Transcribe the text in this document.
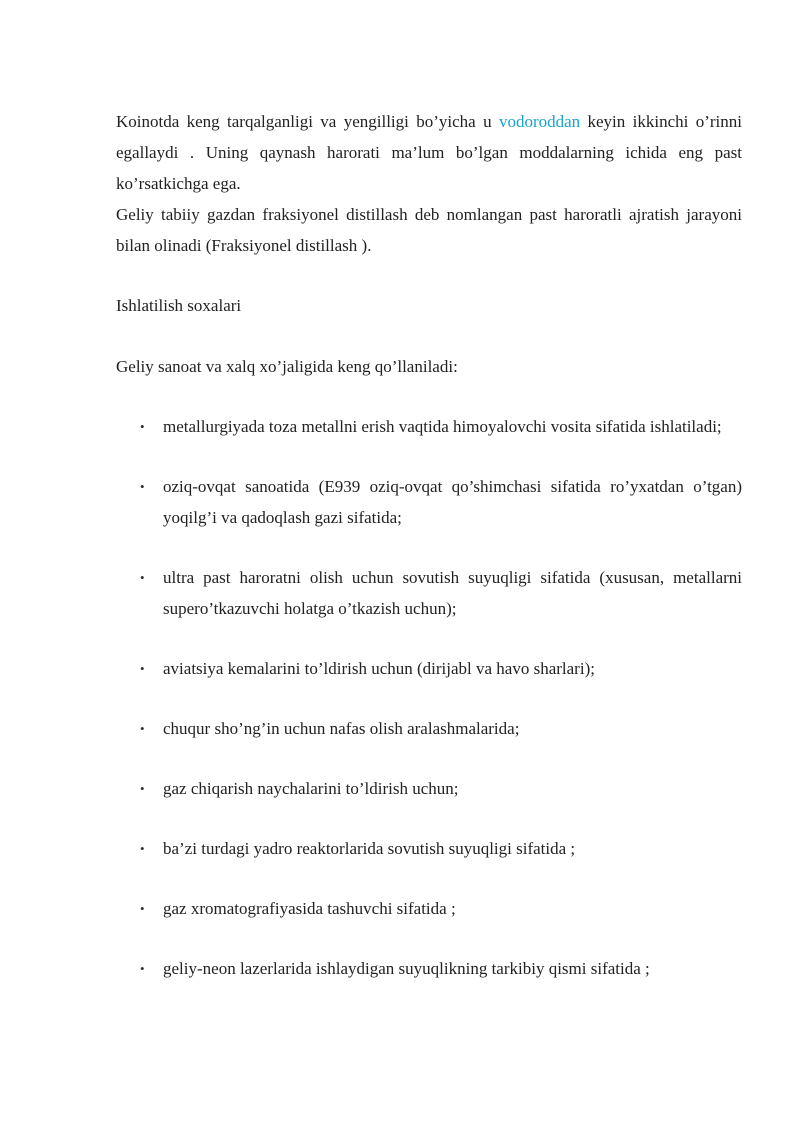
Koinotda keng tarqalganligi va yengilligi bo’yicha u vodoroddan keyin ikkinchi o’rinni egallaydi . Uning qaynash harorati ma’lum bo’lgan moddalarning ichida eng past ko’rsatkichga ega.

Geliy tabiiy gazdan fraksiyonel distillash deb nomlangan past haroratli ajratish jarayoni bilan olinadi (Fraksiyonel distillash ).

Ishlatilish soxalari

Geliy sanoat va xalq xo’jaligida keng qo’llaniladi:

• metallurgiyada toza metallni erish vaqtida himoyalovchi vosita sifatida ishlatiladi;
• oziq-ovqat sanoatida (E939 oziq-ovqat qo’shimchasi sifatida ro’yxatdan o’tgan) yoqilg’i va qadoqlash gazi sifatida;
• ultra past haroratni olish uchun sovutish suyuqligi sifatida (xususan, metallarni supero’tkazuvchi holatga o’tkazish uchun);
• aviatsiya kemalarini to’ldirish uchun (dirijabl va havo sharlari);
• chuqur sho’ng’in uchun nafas olish aralashmalarida;
• gaz chiqarish naychalarini to’ldirish uchun;
• ba’zi turdagi yadro reaktorlarida sovutish suyuqligi sifatida ;
• gaz xromatografiyasida tashuvchi sifatida ;
• geliy-neon lazerlarida ishlaydigan suyuqlikning tarkibiy qismi sifatida ;
